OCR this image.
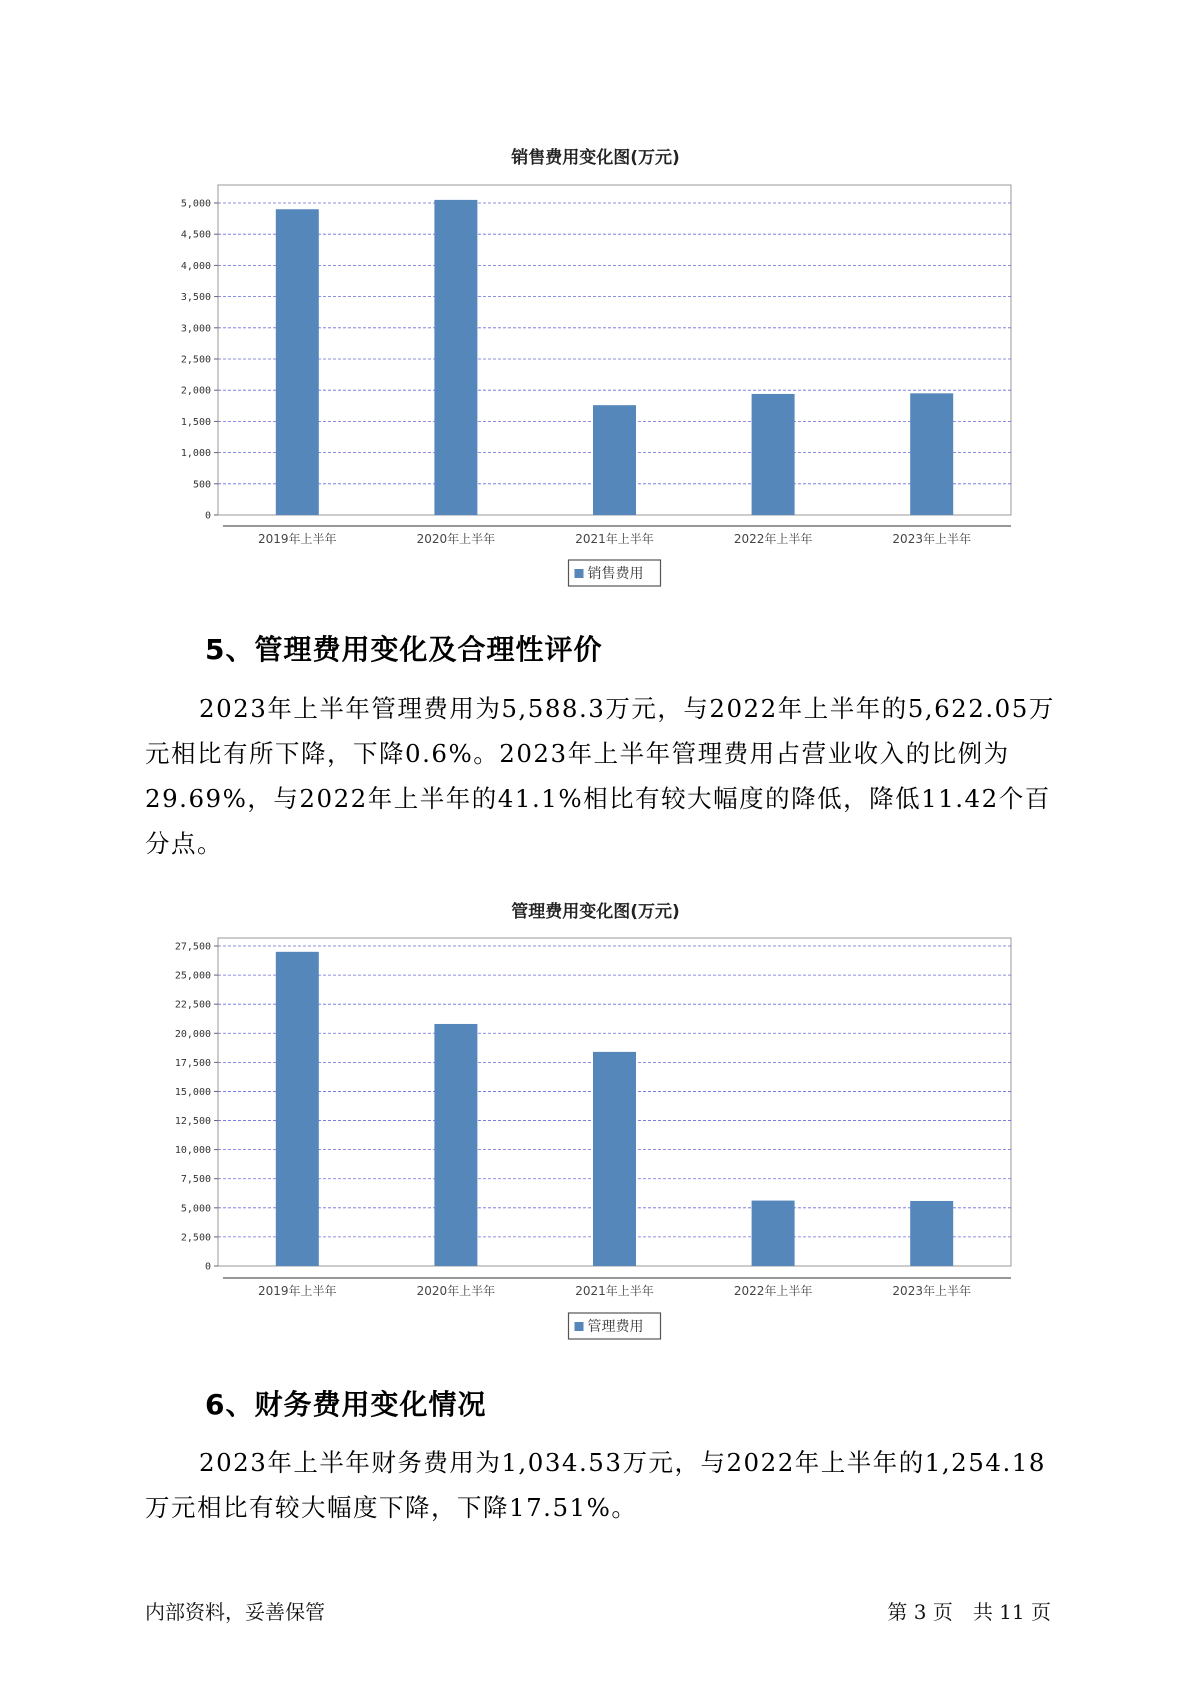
销售费用变化图(万元)
0
500
1,000
1,500
2,000
2,500
3,000
3,500
4,000
4,500
5,000
2019年上半年	2020年上半年	2021年上半年	2022年上半年	2023年上半年
销售费用
5、管理费用变化及合理性评价
2023年上半年管理费用为5,588.3万元，与2022年上半年的5,622.05万元相比有所下降，下降0.6%。2023年上半年管理费用占营业收入的比例为29.69%，与2022年上半年的41.1%相比有较大幅度的降低，降低11.42个百分点。
管理费用变化图(万元)
0
2,500
5,000
7,500
10,000
12,500
15,000
17,500
20,000
22,500
25,000
27,500
2019年上半年	2020年上半年	2021年上半年	2022年上半年	2023年上半年
管理费用
6、财务费用变化情况
2023年上半年财务费用为1,034.53万元，与2022年上半年的1,254.18万元相比有较大幅度下降，下降17.51%。
内部资料，妥善保管	第 3 页　共 11 页
